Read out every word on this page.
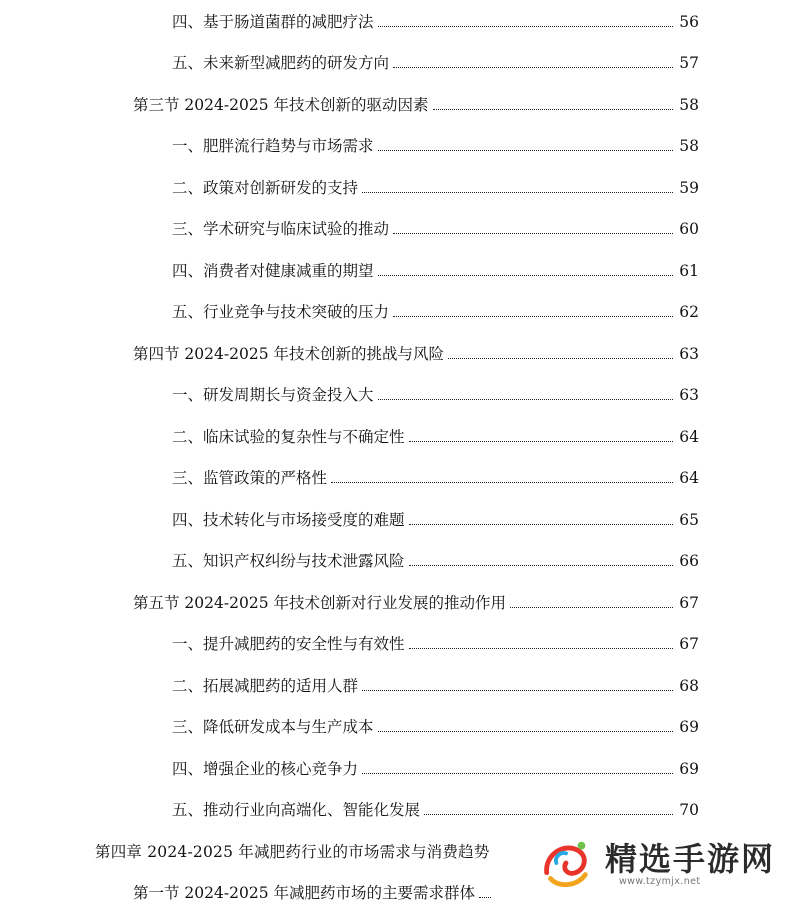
四、基于肠道菌群的减肥疗法	56
五、未来新型减肥药的研发方向	57
第三节 2024-2025 年技术创新的驱动因素	58
一、肥胖流行趋势与市场需求	58
二、政策对创新研发的支持	59
三、学术研究与临床试验的推动	60
四、消费者对健康减重的期望	61
五、行业竞争与技术突破的压力	62
第四节 2024-2025 年技术创新的挑战与风险	63
一、研发周期长与资金投入大	63
二、临床试验的复杂性与不确定性	64
三、监管政策的严格性	64
四、技术转化与市场接受度的难题	65
五、知识产权纠纷与技术泄露风险	66
第五节 2024-2025 年技术创新对行业发展的推动作用	67
一、提升减肥药的安全性与有效性	67
二、拓展减肥药的适用人群	68
三、降低研发成本与生产成本	69
四、增强企业的核心竞争力	69
五、推动行业向高端化、智能化发展	70
第四章 2024-2025 年减肥药行业的市场需求与消费趋势
第一节 2024-2025 年减肥药市场的主要需求群体
精选手游网
www.tzymjx.net
